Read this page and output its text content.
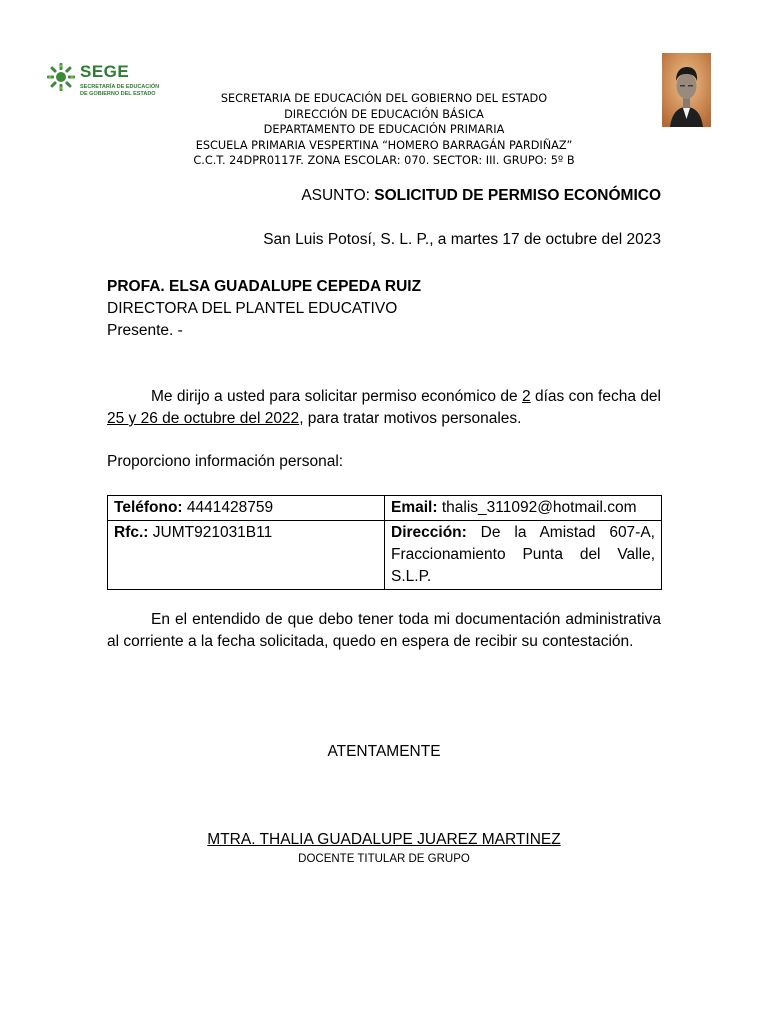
SEGE
SECRETARÍA DE EDUCACIÓN
DE GOBIERNO DEL ESTADO	SECRETARIA DE EDUCACIÓN DEL GOBIERNO DEL ESTADO
DIRECCIÓN DE EDUCACIÓN BÁSICA
DEPARTAMENTO DE EDUCACIÓN PRIMARIA
ESCUELA PRIMARIA VESPERTINA “HOMERO BARRAGÁN PARDIÑAZ”
C.C.T. 24DPR0117F. ZONA ESCOLAR: 070. SECTOR: III. GRUPO: 5º B
ASUNTO: SOLICITUD DE PERMISO ECONÓMICO
San Luis Potosí, S. L. P., a martes 17 de octubre del 2023
PROFA. ELSA GUADALUPE CEPEDA RUIZ
DIRECTORA DEL PLANTEL EDUCATIVO
Presente. -
Me dirijo a usted para solicitar permiso económico de 2 días con fecha del 25 y 26 de octubre del 2022, para tratar motivos personales.
Proporciono información personal:
Teléfono: 4441428759	Email: thalis_311092@hotmail.com
Rfc.: JUMT921031B11	Dirección: De la Amistad 607-A, Fraccionamiento Punta del Valle, S.L.P.
En el entendido de que debo tener toda mi documentación administrativa al corriente a la fecha solicitada, quedo en espera de recibir su contestación.
ATENTAMENTE
MTRA. THALIA GUADALUPE JUAREZ MARTINEZ
DOCENTE TITULAR DE GRUPO
